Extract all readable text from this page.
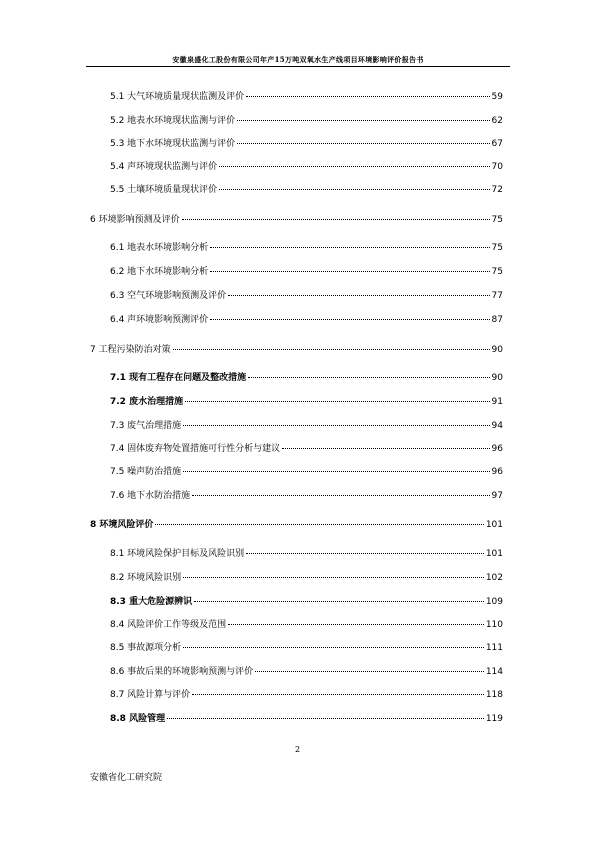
安徽泉盛化工股份有限公司年产15万吨双氧水生产线项目环境影响评价报告书
5.1 大气环境质量现状监测及评价	59
5.2 地表水环境现状监测与评价	62
5.3 地下水环境现状监测与评价	67
5.4 声环境现状监测与评价	70
5.5 土壤环境质量现状评价	72
6 环境影响预测及评价	75
6.1 地表水环境影响分析	75
6.2 地下水环境影响分析	75
6.3 空气环境影响预测及评价	77
6.4 声环境影响预测评价	87
7 工程污染防治对策	90
7.1 现有工程存在问题及整改措施	90
7.2 废水治理措施	91
7.3 废气治理措施	94
7.4 固体废弃物处置措施可行性分析与建议	96
7.5 噪声防治措施	96
7.6 地下水防治措施	97
8 环境风险评价	101
8.1 环境风险保护目标及风险识别	101
8.2 环境风险识别	102
8.3 重大危险源辨识	109
8.4 风险评价工作等级及范围	110
8.5 事故源项分析	111
8.6 事故后果的环境影响预测与评价	114
8.7 风险计算与评价	118
8.8 风险管理	119
2
安徽省化工研究院
